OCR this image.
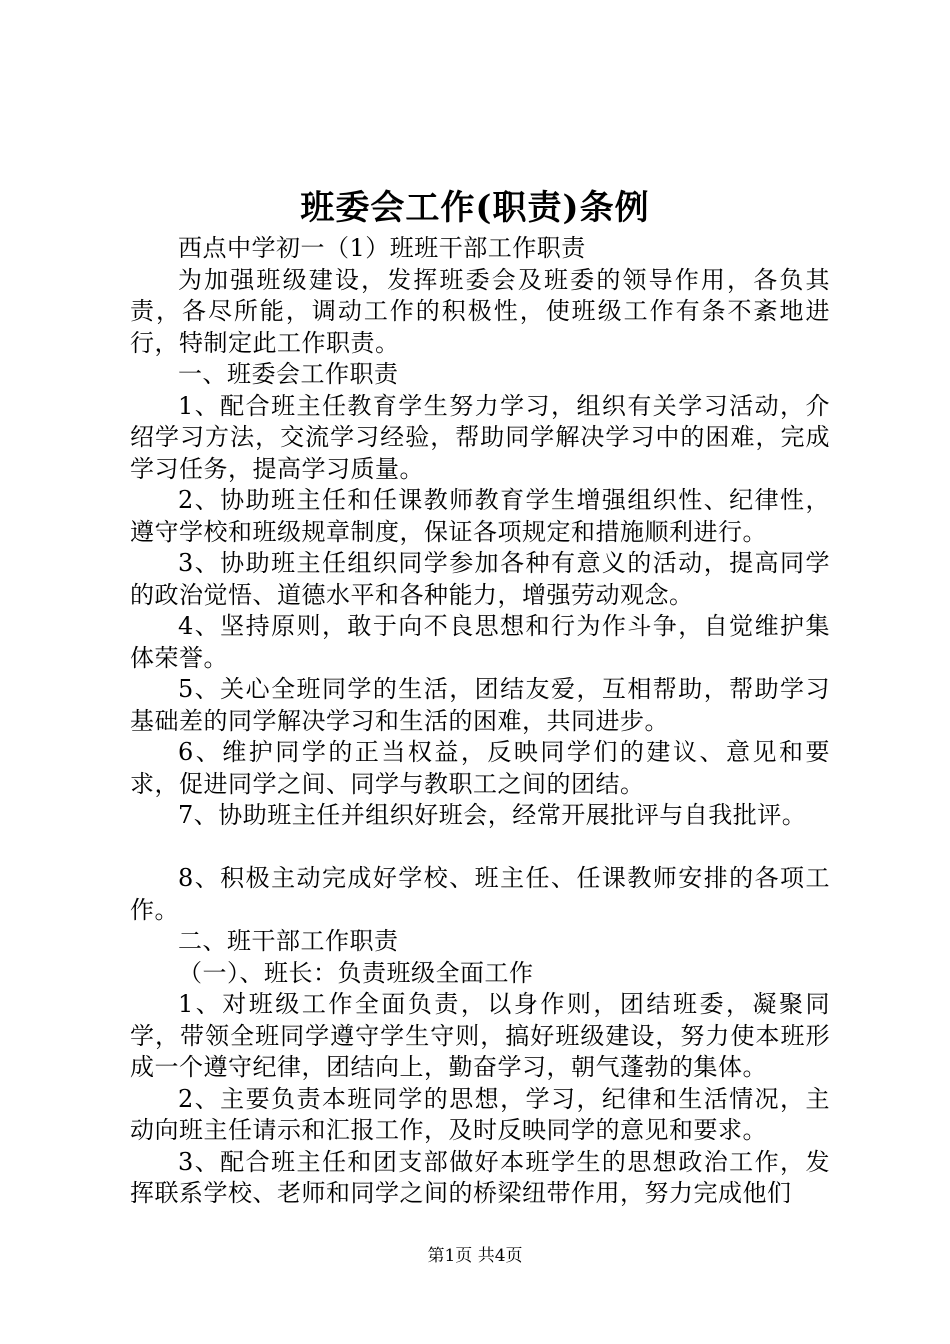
班委会工作(职责)条例

西点中学初一（1）班班干部工作职责

为加强班级建设，发挥班委会及班委的领导作用，各负其责，各尽所能，调动工作的积极性，使班级工作有条不紊地进行，特制定此工作职责。

一、班委会工作职责

1、配合班主任教育学生努力学习，组织有关学习活动，介绍学习方法，交流学习经验，帮助同学解决学习中的困难，完成学习任务，提高学习质量。

2、协助班主任和任课教师教育学生增强组织性、纪律性，遵守学校和班级规章制度，保证各项规定和措施顺利进行。

3、协助班主任组织同学参加各种有意义的活动，提高同学的政治觉悟、道德水平和各种能力，增强劳动观念。

4、坚持原则，敢于向不良思想和行为作斗争，自觉维护集体荣誉。

5、关心全班同学的生活，团结友爱，互相帮助，帮助学习基础差的同学解决学习和生活的困难，共同进步。

6、维护同学的正当权益，反映同学们的建议、意见和要求，促进同学之间、同学与教职工之间的团结。

7、协助班主任并组织好班会，经常开展批评与自我批评。

8、积极主动完成好学校、班主任、任课教师安排的各项工作。

二、班干部工作职责

（一）、班长：负责班级全面工作

1、对班级工作全面负责，以身作则，团结班委，凝聚同学，带领全班同学遵守学生守则，搞好班级建设，努力使本班形成一个遵守纪律，团结向上，勤奋学习，朝气蓬勃的集体。

2、主要负责本班同学的思想，学习，纪律和生活情况，主动向班主任请示和汇报工作，及时反映同学的意见和要求。

3、配合班主任和团支部做好本班学生的思想政治工作，发挥联系学校、老师和同学之间的桥梁纽带作用，努力完成他们

第1页 共4页
